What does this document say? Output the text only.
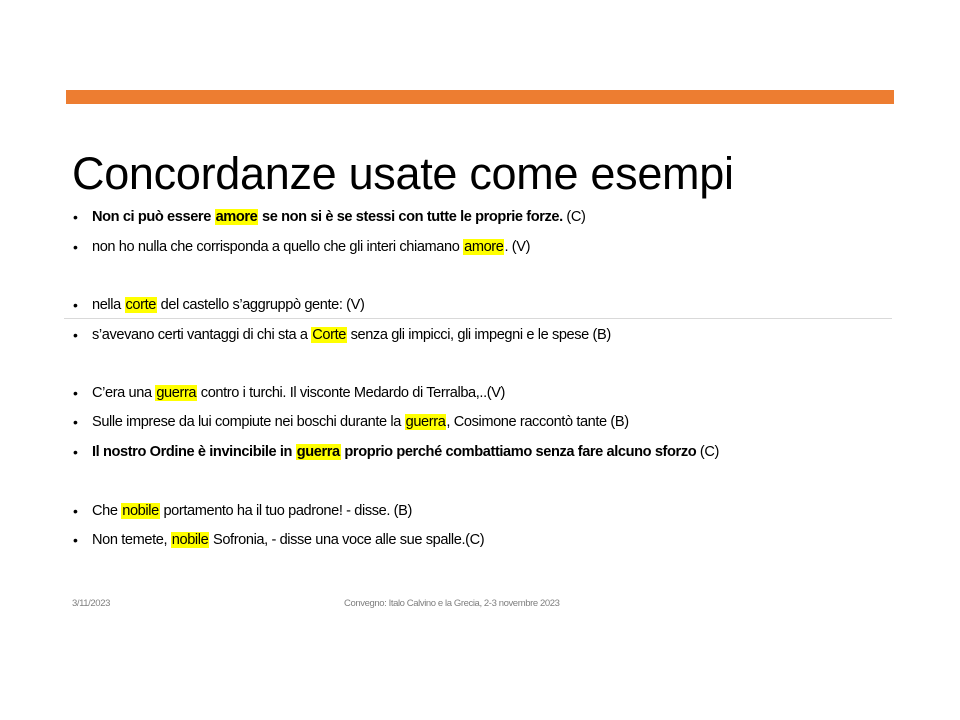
Concordanze usate come esempi
• Non ci può essere amore se non si è se stessi con tutte le proprie forze. (C)
• non ho nulla che corrisponda a quello che gli interi chiamano amore. (V)
• nella corte del castello s’aggruppò gente: (V)
• s’avevano certi vantaggi di chi sta a Corte senza gli impicci, gli impegni e le spese (B)
• C’era una guerra contro i turchi. Il visconte Medardo di Terralba,..(V)
• Sulle imprese da lui compiute nei boschi durante la guerra, Cosimone raccontò tante (B)
• Il nostro Ordine è invincibile in guerra proprio perché combattiamo senza fare alcuno sforzo (C)
• Che nobile portamento ha il tuo padrone! - disse. (B)
• Non temete, nobile Sofronia, - disse una voce alle sue spalle.(C)
3/11/2023	Convegno: Italo Calvino e la Grecia, 2-3 novembre 2023
